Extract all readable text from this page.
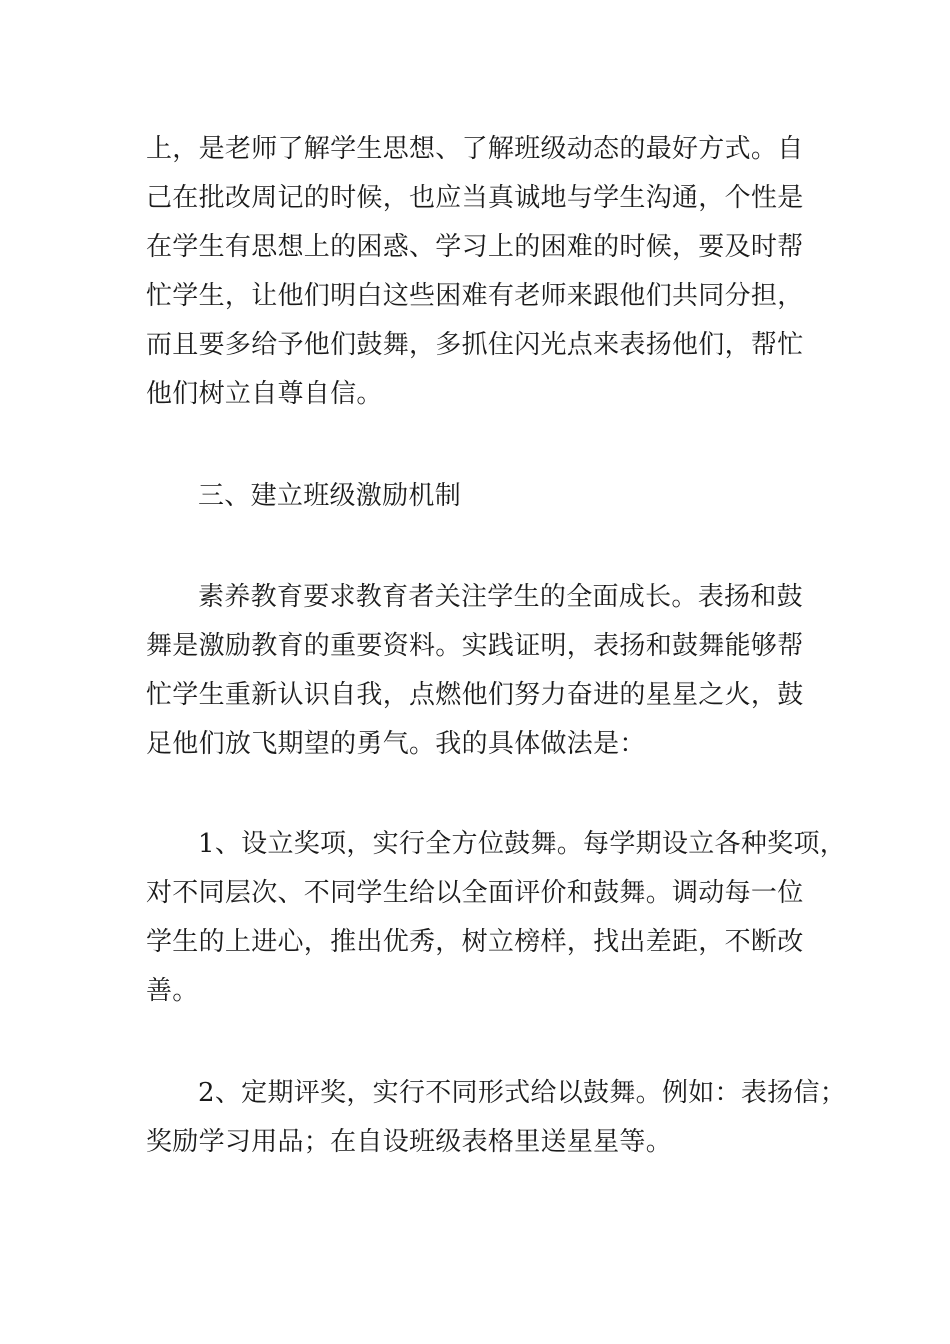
上，是老师了解学生思想、了解班级动态的最好方式。自
己在批改周记的时候，也应当真诚地与学生沟通，个性是
在学生有思想上的困惑、学习上的困难的时候，要及时帮
忙学生，让他们明白这些困难有老师来跟他们共同分担，
而且要多给予他们鼓舞，多抓住闪光点来表扬他们，帮忙
他们树立自尊自信。
三、建立班级激励机制
素养教育要求教育者关注学生的全面成长。表扬和鼓
舞是激励教育的重要资料。实践证明，表扬和鼓舞能够帮
忙学生重新认识自我，点燃他们努力奋进的星星之火，鼓
足他们放飞期望的勇气。我的具体做法是：
1、设立奖项，实行全方位鼓舞。每学期设立各种奖项，
对不同层次、不同学生给以全面评价和鼓舞。调动每一位
学生的上进心，推出优秀，树立榜样，找出差距，不断改
善。
2、定期评奖，实行不同形式给以鼓舞。例如：表扬信；
奖励学习用品；在自设班级表格里送星星等。
